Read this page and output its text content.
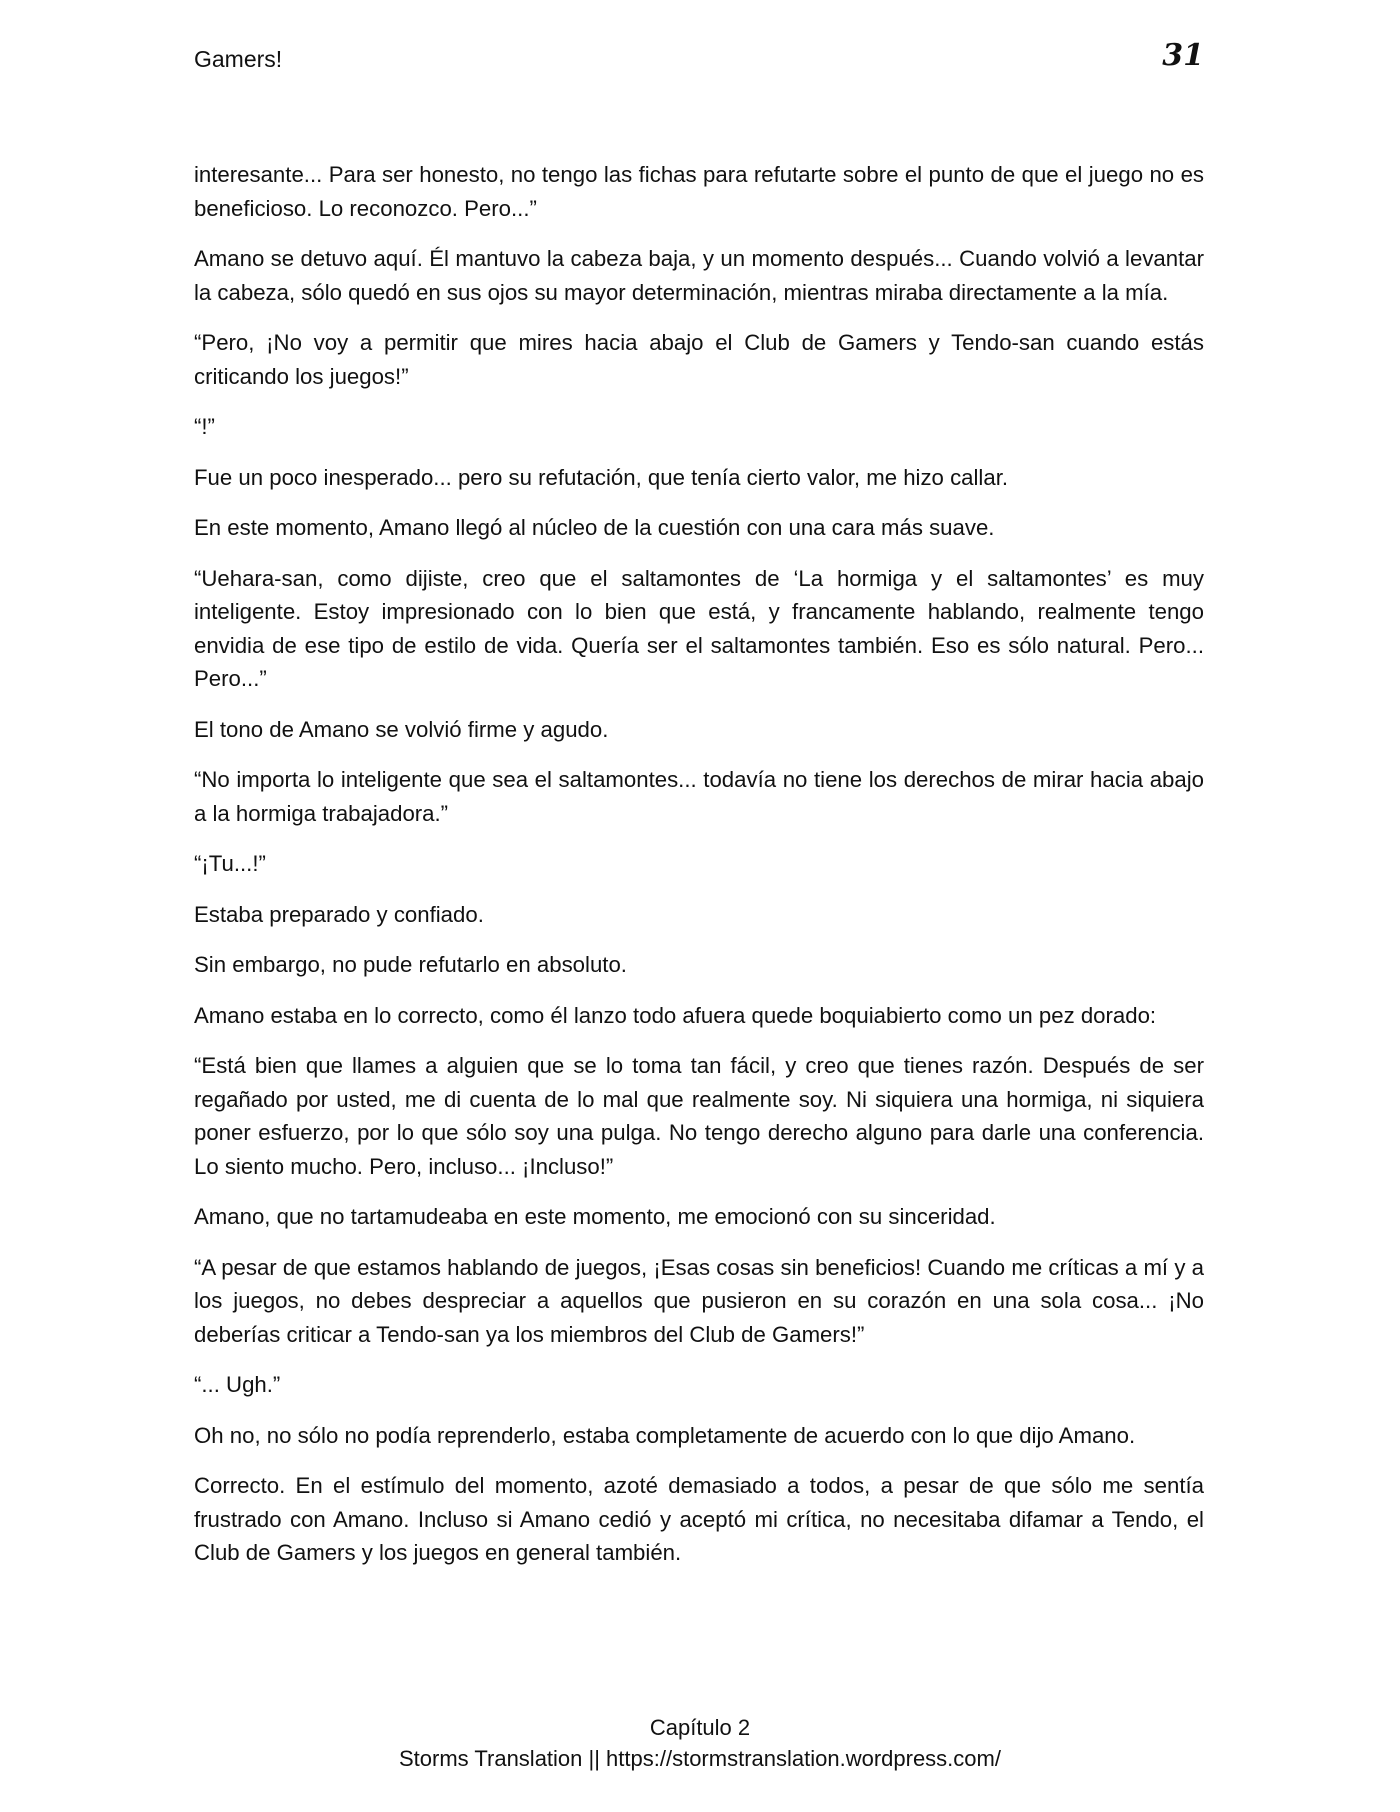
Gamers!	31

interesante... Para ser honesto, no tengo las fichas para refutarte sobre el punto de que el juego no es beneficioso. Lo reconozco. Pero...”

Amano se detuvo aquí. Él mantuvo la cabeza baja, y un momento después... Cuando volvió a levantar la cabeza, sólo quedó en sus ojos su mayor determinación, mientras miraba directamente a la mía.

“Pero, ¡No voy a permitir que mires hacia abajo el Club de Gamers y Tendo-san cuando estás criticando los juegos!”

“!”

Fue un poco inesperado... pero su refutación, que tenía cierto valor, me hizo callar.

En este momento, Amano llegó al núcleo de la cuestión con una cara más suave.

“Uehara-san, como dijiste, creo que el saltamontes de ‘La hormiga y el saltamontes’ es muy inteligente. Estoy impresionado con lo bien que está, y francamente hablando, realmente tengo envidia de ese tipo de estilo de vida. Quería ser el saltamontes también. Eso es sólo natural. Pero... Pero...”

El tono de Amano se volvió firme y agudo.

“No importa lo inteligente que sea el saltamontes... todavía no tiene los derechos de mirar hacia abajo a la hormiga trabajadora.”

“¡Tu...!”

Estaba preparado y confiado.

Sin embargo, no pude refutarlo en absoluto.

Amano estaba en lo correcto, como él lanzo todo afuera quede boquiabierto como un pez dorado:

“Está bien que llames a alguien que se lo toma tan fácil, y creo que tienes razón. Después de ser regañado por usted, me di cuenta de lo mal que realmente soy. Ni siquiera una hormiga, ni siquiera poner esfuerzo, por lo que sólo soy una pulga. No tengo derecho alguno para darle una conferencia. Lo siento mucho. Pero, incluso... ¡Incluso!”

Amano, que no tartamudeaba en este momento, me emocionó con su sinceridad.

“A pesar de que estamos hablando de juegos, ¡Esas cosas sin beneficios! Cuando me críticas a mí y a los juegos, no debes despreciar a aquellos que pusieron en su corazón en una sola cosa... ¡No deberías criticar a Tendo-san ya los miembros del Club de Gamers!”

“... Ugh.”

Oh no, no sólo no podía reprenderlo, estaba completamente de acuerdo con lo que dijo Amano.

Correcto. En el estímulo del momento, azoté demasiado a todos, a pesar de que sólo me sentía frustrado con Amano. Incluso si Amano cedió y aceptó mi crítica, no necesitaba difamar a Tendo, el Club de Gamers y los juegos en general también.

Capítulo 2
Storms Translation || https://stormstranslation.wordpress.com/
